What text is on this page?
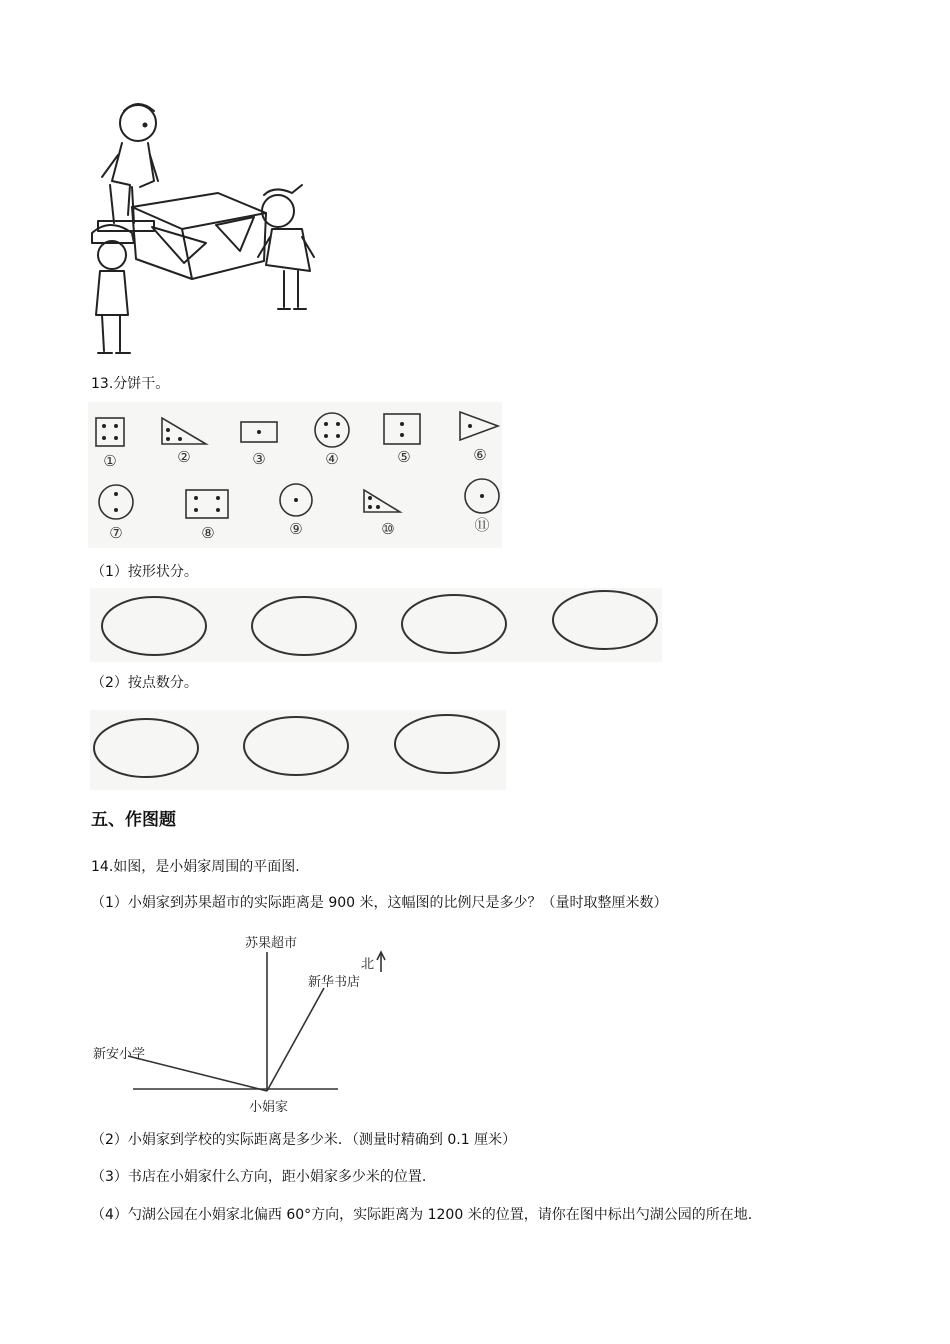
13.分饼干。
①	②	③	④	⑤	⑥
⑦	⑧	⑨	⑩	⑪
（1）按形状分。
（2）按点数分。
五、作图题
14.如图，是小娟家周围的平面图.
（1）小娟家到苏果超市的实际距离是 900 米，这幅图的比例尺是多少？（量时取整厘米数）
苏果超市
新华书店
北
新安小学
小娟家
（2）小娟家到学校的实际距离是多少米．（测量时精确到 0.1 厘米）
（3）书店在小娟家什么方向，距小娟家多少米的位置.
（4）勺湖公园在小娟家北偏西 60°方向，实际距离为 1200 米的位置，请你在图中标出勺湖公园的所在地.
